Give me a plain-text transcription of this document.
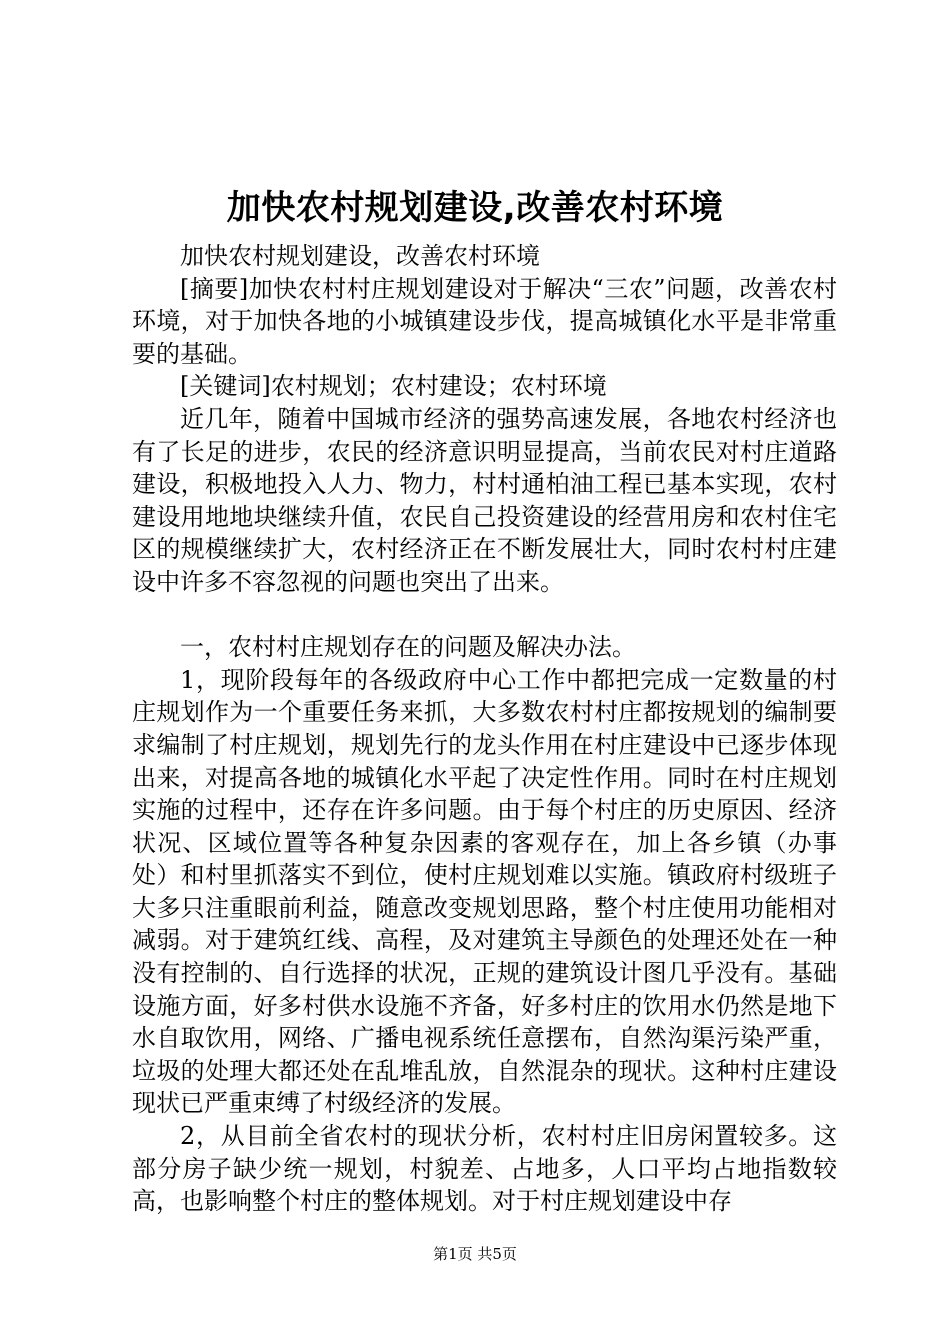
加快农村规划建设,改善农村环境

加快农村规划建设，改善农村环境

[摘要]加快农村村庄规划建设对于解决“三农”问题，改善农村环境，对于加快各地的小城镇建设步伐，提高城镇化水平是非常重要的基础。

[关键词]农村规划；农村建设；农村环境

近几年，随着中国城市经济的强势高速发展，各地农村经济也有了长足的进步，农民的经济意识明显提高，当前农民对村庄道路建设，积极地投入人力、物力，村村通柏油工程已基本实现，农村建设用地地块继续升值，农民自己投资建设的经营用房和农村住宅区的规模继续扩大，农村经济正在不断发展壮大，同时农村村庄建设中许多不容忽视的问题也突出了出来。

一，农村村庄规划存在的问题及解决办法。

1，现阶段每年的各级政府中心工作中都把完成一定数量的村庄规划作为一个重要任务来抓，大多数农村村庄都按规划的编制要求编制了村庄规划，规划先行的龙头作用在村庄建设中已逐步体现出来，对提高各地的城镇化水平起了决定性作用。同时在村庄规划实施的过程中，还存在许多问题。由于每个村庄的历史原因、经济状况、区域位置等各种复杂因素的客观存在，加上各乡镇（办事处）和村里抓落实不到位，使村庄规划难以实施。镇政府村级班子大多只注重眼前利益，随意改变规划思路，整个村庄使用功能相对减弱。对于建筑红线、高程，及对建筑主导颜色的处理还处在一种没有控制的、自行选择的状况，正规的建筑设计图几乎没有。基础设施方面，好多村供水设施不齐备，好多村庄的饮用水仍然是地下水自取饮用，网络、广播电视系统任意摆布，自然沟渠污染严重，垃圾的处理大都还处在乱堆乱放，自然混杂的现状。这种村庄建设现状已严重束缚了村级经济的发展。

2，从目前全省农村的现状分析，农村村庄旧房闲置较多。这部分房子缺少统一规划，村貌差、占地多，人口平均占地指数较高，也影响整个村庄的整体规划。对于村庄规划建设中存

第1页 共5页
